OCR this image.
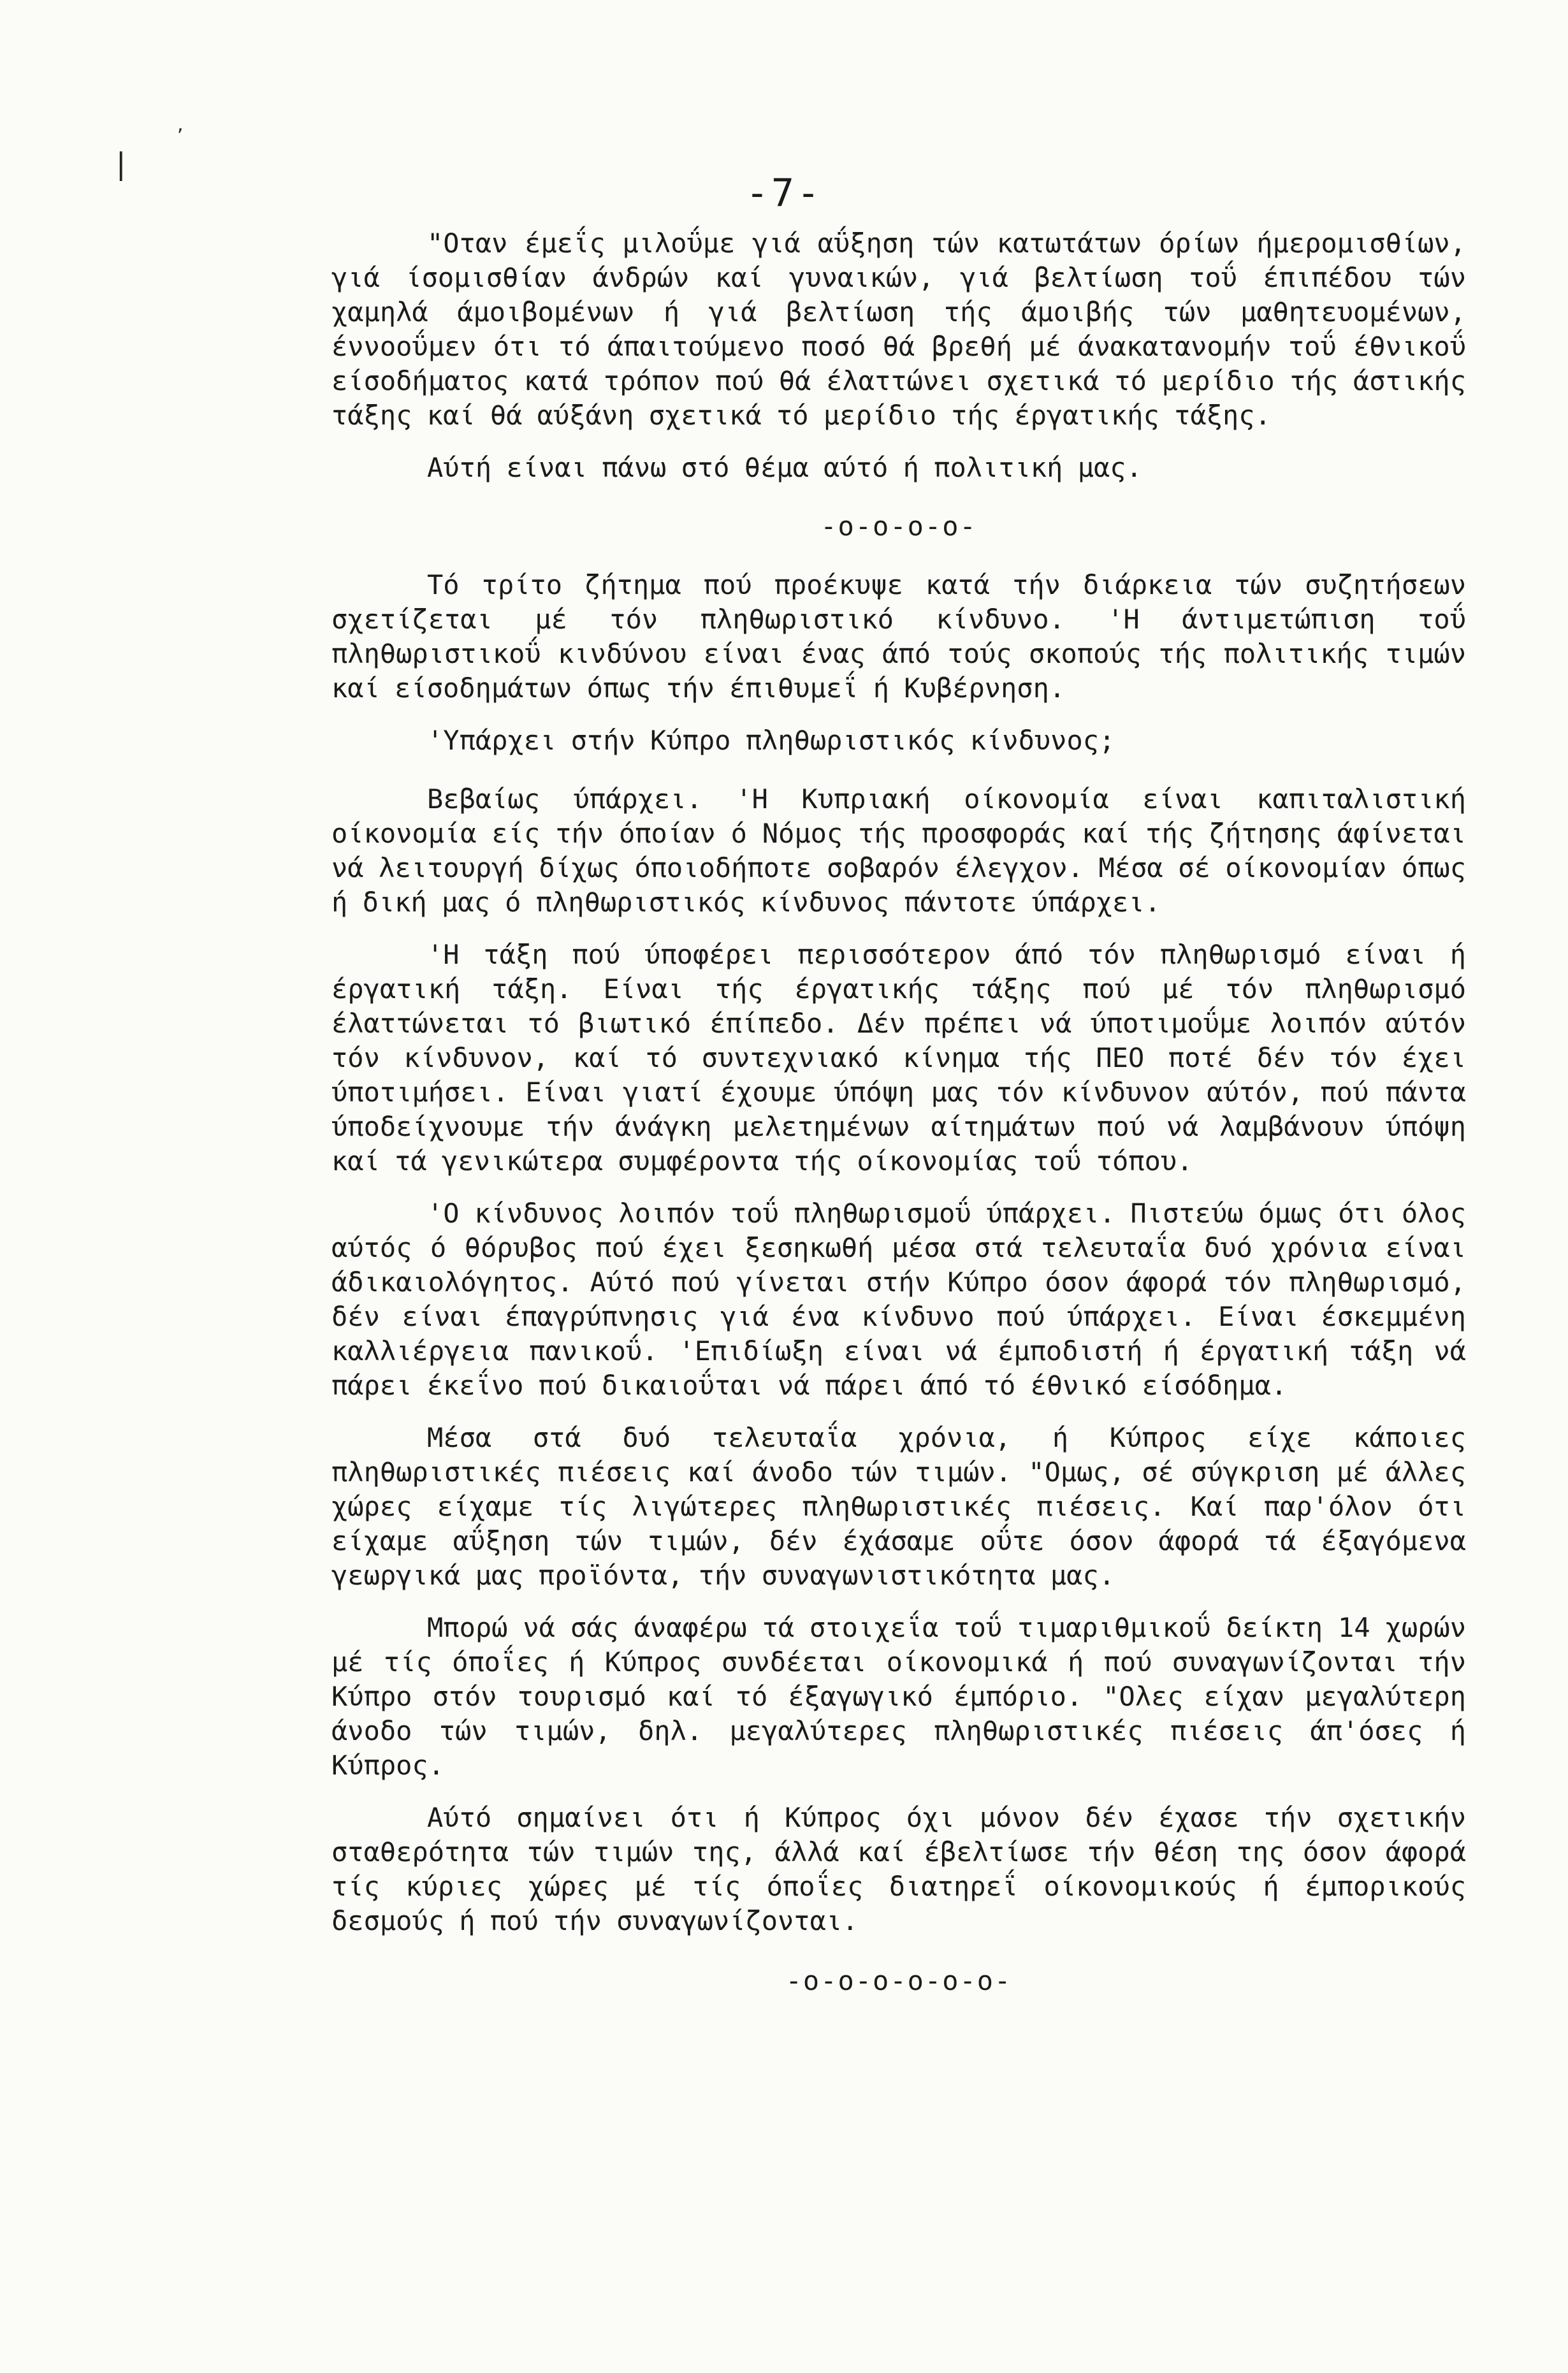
|
,
-7-

"Οταν έμεΐς μιλοΰμε γιά αΰξηση τών κατωτάτων όρίων ήμερομισθίων, γιά ίσομισθίαν άνδρών καί γυναικών, γιά βελτίωση τοΰ έπιπέδου τών χαμηλά άμοιβομένων ή γιά βελτίωση τής άμοιβής τών μαθητευομένων, έννοοΰμεν ότι τό άπαιτούμενο ποσό θά βρεθή μέ άνακατανομήν τοΰ έθνικοΰ είσοδήματος κατά τρόπον πού θά έλαττώνει σχετικά τό μερίδιο τής άστικής τάξης καί θά αύξάνη σχετικά τό μερίδιο τής έργατικής τάξης.

Αύτή είναι πάνω στό θέμα αύτό ή πολιτική μας.

-ο-ο-ο-ο-

Τό τρίτο ζήτημα πού προέκυψε κατά τήν διάρκεια τών συζητήσεων σχετίζεται μέ τόν πληθωριστικό κίνδυνο. 'Η άντιμετώπιση τοΰ πληθωριστικοΰ κινδύνου είναι ένας άπό τούς σκοπούς τής πολιτικής τιμών καί είσοδημάτων όπως τήν έπιθυμεΐ ή Κυβέρνηση.

'Υπάρχει στήν Κύπρο πληθωριστικός κίνδυνος;

Βεβαίως ύπάρχει. 'Η Κυπριακή οίκονομία είναι καπιταλιστική οίκονομία είς τήν όποίαν ό Νόμος τής προσφοράς καί τής ζήτησης άφίνεται νά λειτουργή δίχως όποιοδήποτε σοβαρόν έλεγχον. Μέσα σέ οίκονομίαν όπως ή δική μας ό πληθωριστικός κίνδυνος πάντοτε ύπάρχει.

'Η τάξη πού ύποφέρει περισσότερον άπό τόν πληθωρισμό είναι ή έργατική τάξη. Είναι τής έργατικής τάξης πού μέ τόν πληθωρισμό έλαττώνεται τό βιωτικό έπίπεδο. Δέν πρέπει νά ύποτιμοΰμε λοιπόν αύτόν τόν κίνδυνον, καί τό συντεχνιακό κίνημα τής ΠΕΟ ποτέ δέν τόν έχει ύποτιμήσει. Είναι γιατί έχουμε ύπόψη μας τόν κίνδυνον αύτόν, πού πάντα ύποδείχνουμε τήν άνάγκη μελετημένων αίτημάτων πού νά λαμβάνουν ύπόψη καί τά γενικώτερα συμφέροντα τής οίκονομίας τοΰ τόπου.

'Ο κίνδυνος λοιπόν τοΰ πληθωρισμοΰ ύπάρχει. Πιστεύω όμως ότι όλος αύτός ό θόρυβος πού έχει ξεσηκωθή μέσα στά τελευταΐα δυό χρόνια είναι άδικαιολόγητος. Αύτό πού γίνεται στήν Κύπρο όσον άφορά τόν πληθωρισμό, δέν είναι έπαγρύπνησις γιά ένα κίνδυνο πού ύπάρχει. Είναι έσκεμμένη καλλιέργεια πανικοΰ. 'Επιδίωξη είναι νά έμποδιστή ή έργατική τάξη νά πάρει έκεΐνο πού δικαιοΰται νά πάρει άπό τό έθνικό είσόδημα.

Μέσα στά δυό τελευταΐα χρόνια, ή Κύπρος είχε κάποιες πληθωριστικές πιέσεις καί άνοδο τών τιμών. "Ομως, σέ σύγκριση μέ άλλες χώρες είχαμε τίς λιγώτερες πληθωριστικές πιέσεις. Καί παρ'όλον ότι είχαμε αΰξηση τών τιμών, δέν έχάσαμε οΰτε όσον άφορά τά έξαγόμενα γεωργικά μας προϊόντα, τήν συναγωνιστικότητα μας.

Μπορώ νά σάς άναφέρω τά στοιχεΐα τοΰ τιμαριθμικοΰ δείκτη 14 χωρών μέ τίς όποΐες ή Κύπρος συνδέεται οίκονομικά ή πού συναγωνίζονται τήν Κύπρο στόν τουρισμό καί τό έξαγωγικό έμπόριο. "Ολες είχαν μεγαλύτερη άνοδο τών τιμών, δηλ. μεγαλύτερες πληθωριστικές πιέσεις άπ'όσες ή Κύπρος.

Αύτό σημαίνει ότι ή Κύπρος όχι μόνον δέν έχασε τήν σχετικήν σταθερότητα τών τιμών της, άλλά καί έβελτίωσε τήν θέση της όσον άφορά τίς κύριες χώρες μέ τίς όποΐες διατηρεΐ οίκονομικούς ή έμπορικούς δεσμούς ή πού τήν συναγωνίζονται.

-ο-ο-ο-ο-ο-ο-
